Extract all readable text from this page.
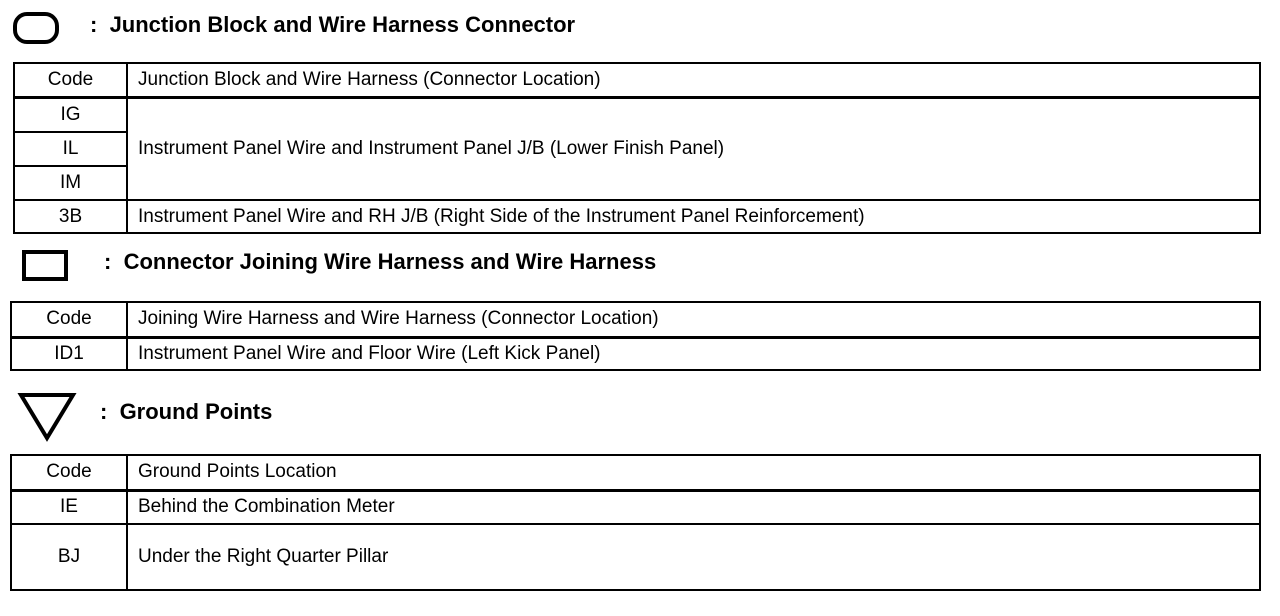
: Junction Block and Wire Harness Connector
Code	Junction Block and Wire Harness (Connector Location)
IG	Instrument Panel Wire and Instrument Panel J/B (Lower Finish Panel)
IL	
IM	
3B	Instrument Panel Wire and RH J/B (Right Side of the Instrument Panel Reinforcement)
: Connector Joining Wire Harness and Wire Harness
Code	Joining Wire Harness and Wire Harness (Connector Location)
ID1	Instrument Panel Wire and Floor Wire (Left Kick Panel)
: Ground Points
Code	Ground Points Location
IE	Behind the Combination Meter
BJ	Under the Right Quarter Pillar
